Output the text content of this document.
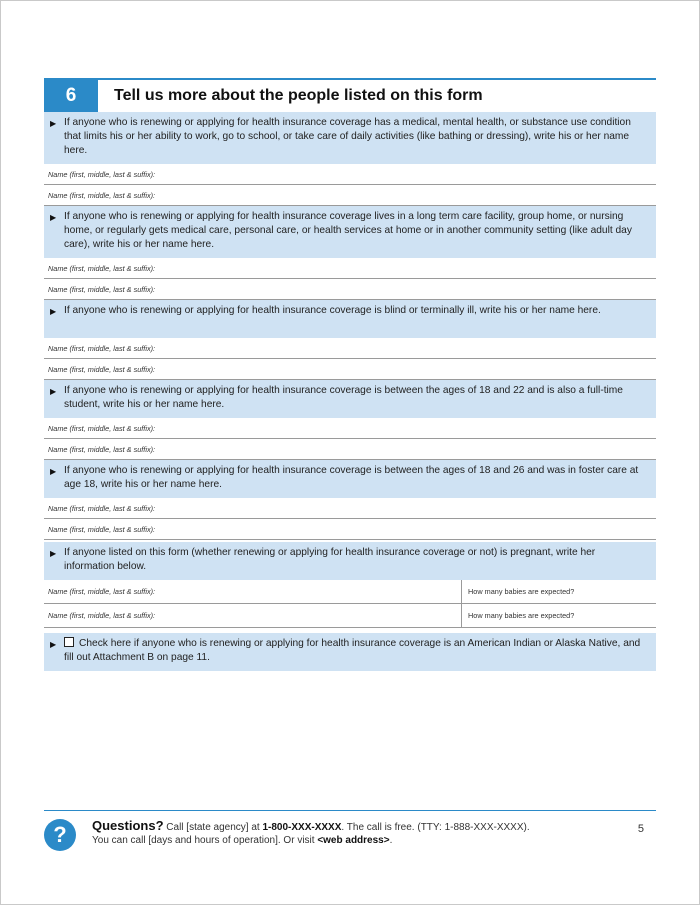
6	Tell us more about the people listed on this form
▶ If anyone who is renewing or applying for health insurance coverage has a medical, mental health, or substance use condition that limits his or her ability to work, go to school, or take care of daily activities (like bathing or dressing), write his or her name here.
Name (first, middle, last & suffix):
Name (first, middle, last & suffix):
▶ If anyone who is renewing or applying for health insurance coverage lives in a long term care facility, group home, or nursing home, or regularly gets medical care, personal care, or health services at home or in another community setting (like adult day care), write his or her name here.
Name (first, middle, last & suffix):
Name (first, middle, last & suffix):
▶ If anyone who is renewing or applying for health insurance coverage is blind or terminally ill, write his or her name here.
Name (first, middle, last & suffix):
Name (first, middle, last & suffix):
▶ If anyone who is renewing or applying for health insurance coverage is between the ages of 18 and 22 and is also a full-time student, write his or her name here.
Name (first, middle, last & suffix):
Name (first, middle, last & suffix):
▶ If anyone who is renewing or applying for health insurance coverage is between the ages of 18 and 26 and was in foster care at age 18, write his or her name here.
Name (first, middle, last & suffix):
Name (first, middle, last & suffix):
▶ If anyone listed on this form (whether renewing or applying for health insurance coverage or not) is pregnant, write her information below.
Name (first, middle, last & suffix):	How many babies are expected?
Name (first, middle, last & suffix):	How many babies are expected?
▶ Check here if anyone who is renewing or applying for health insurance coverage is an American Indian or Alaska Native, and fill out Attachment B on page 11.
?	Questions? Call [state agency] at 1-800-XXX-XXXX. The call is free. (TTY: 1-888-XXX-XXXX).
You can call [days and hours of operation]. Or visit <web address>.
5
